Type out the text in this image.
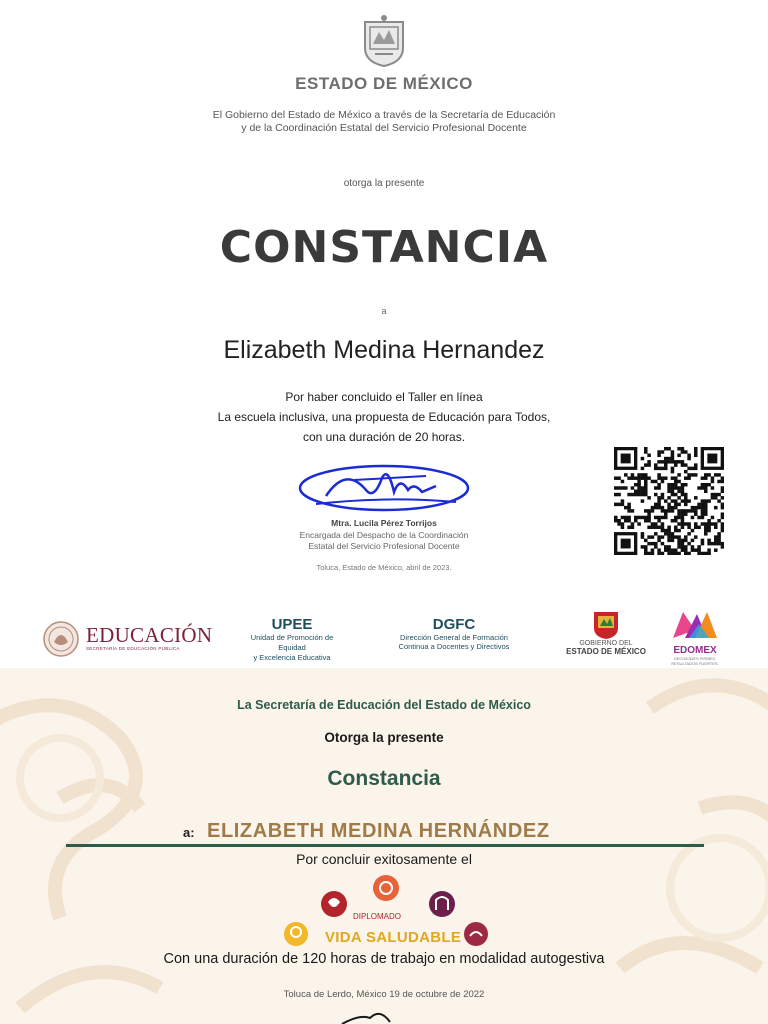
ESTADO DE MÉXICO
El Gobierno del Estado de México a través de la Secretaría de Educación
y de la Coordinación Estatal del Servicio Profesional Docente
otorga la presente
CONSTANCIA
a
Elizabeth Medina Hernandez
Por haber concluido el Taller en línea
La escuela inclusiva, una propuesta de Educación para Todos,
con una duración de 20 horas.
Mtra. Lucila Pérez Torrijos
Encargada del Despacho de la Coordinación
Estatal del Servicio Profesional Docente
Toluca, Estado de México, abril de 2023.
EDUCACIÓN
SECRETARÍA DE EDUCACIÓN PÚBLICA
UPEE
Unidad de Promoción de Equidad
y Excelencia Educativa
DGFC
Dirección General de Formación
Continua a Docentes y Directivos	GOBIERNO DEL
ESTADO DE MÉXICO	EDOMEX
DECISIONES FIRMES, RESULTADOS FUERTES.
La Secretaría de Educación del Estado de México
Otorga la presente
Constancia
a: ELIZABETH MEDINA HERNÁNDEZ
Por concluir exitosamente el
DIPLOMADO
VIDA SALUDABLE
Con una duración de 120 horas de trabajo en modalidad autogestiva
Toluca de Lerdo, México 19 de octubre de 2022
